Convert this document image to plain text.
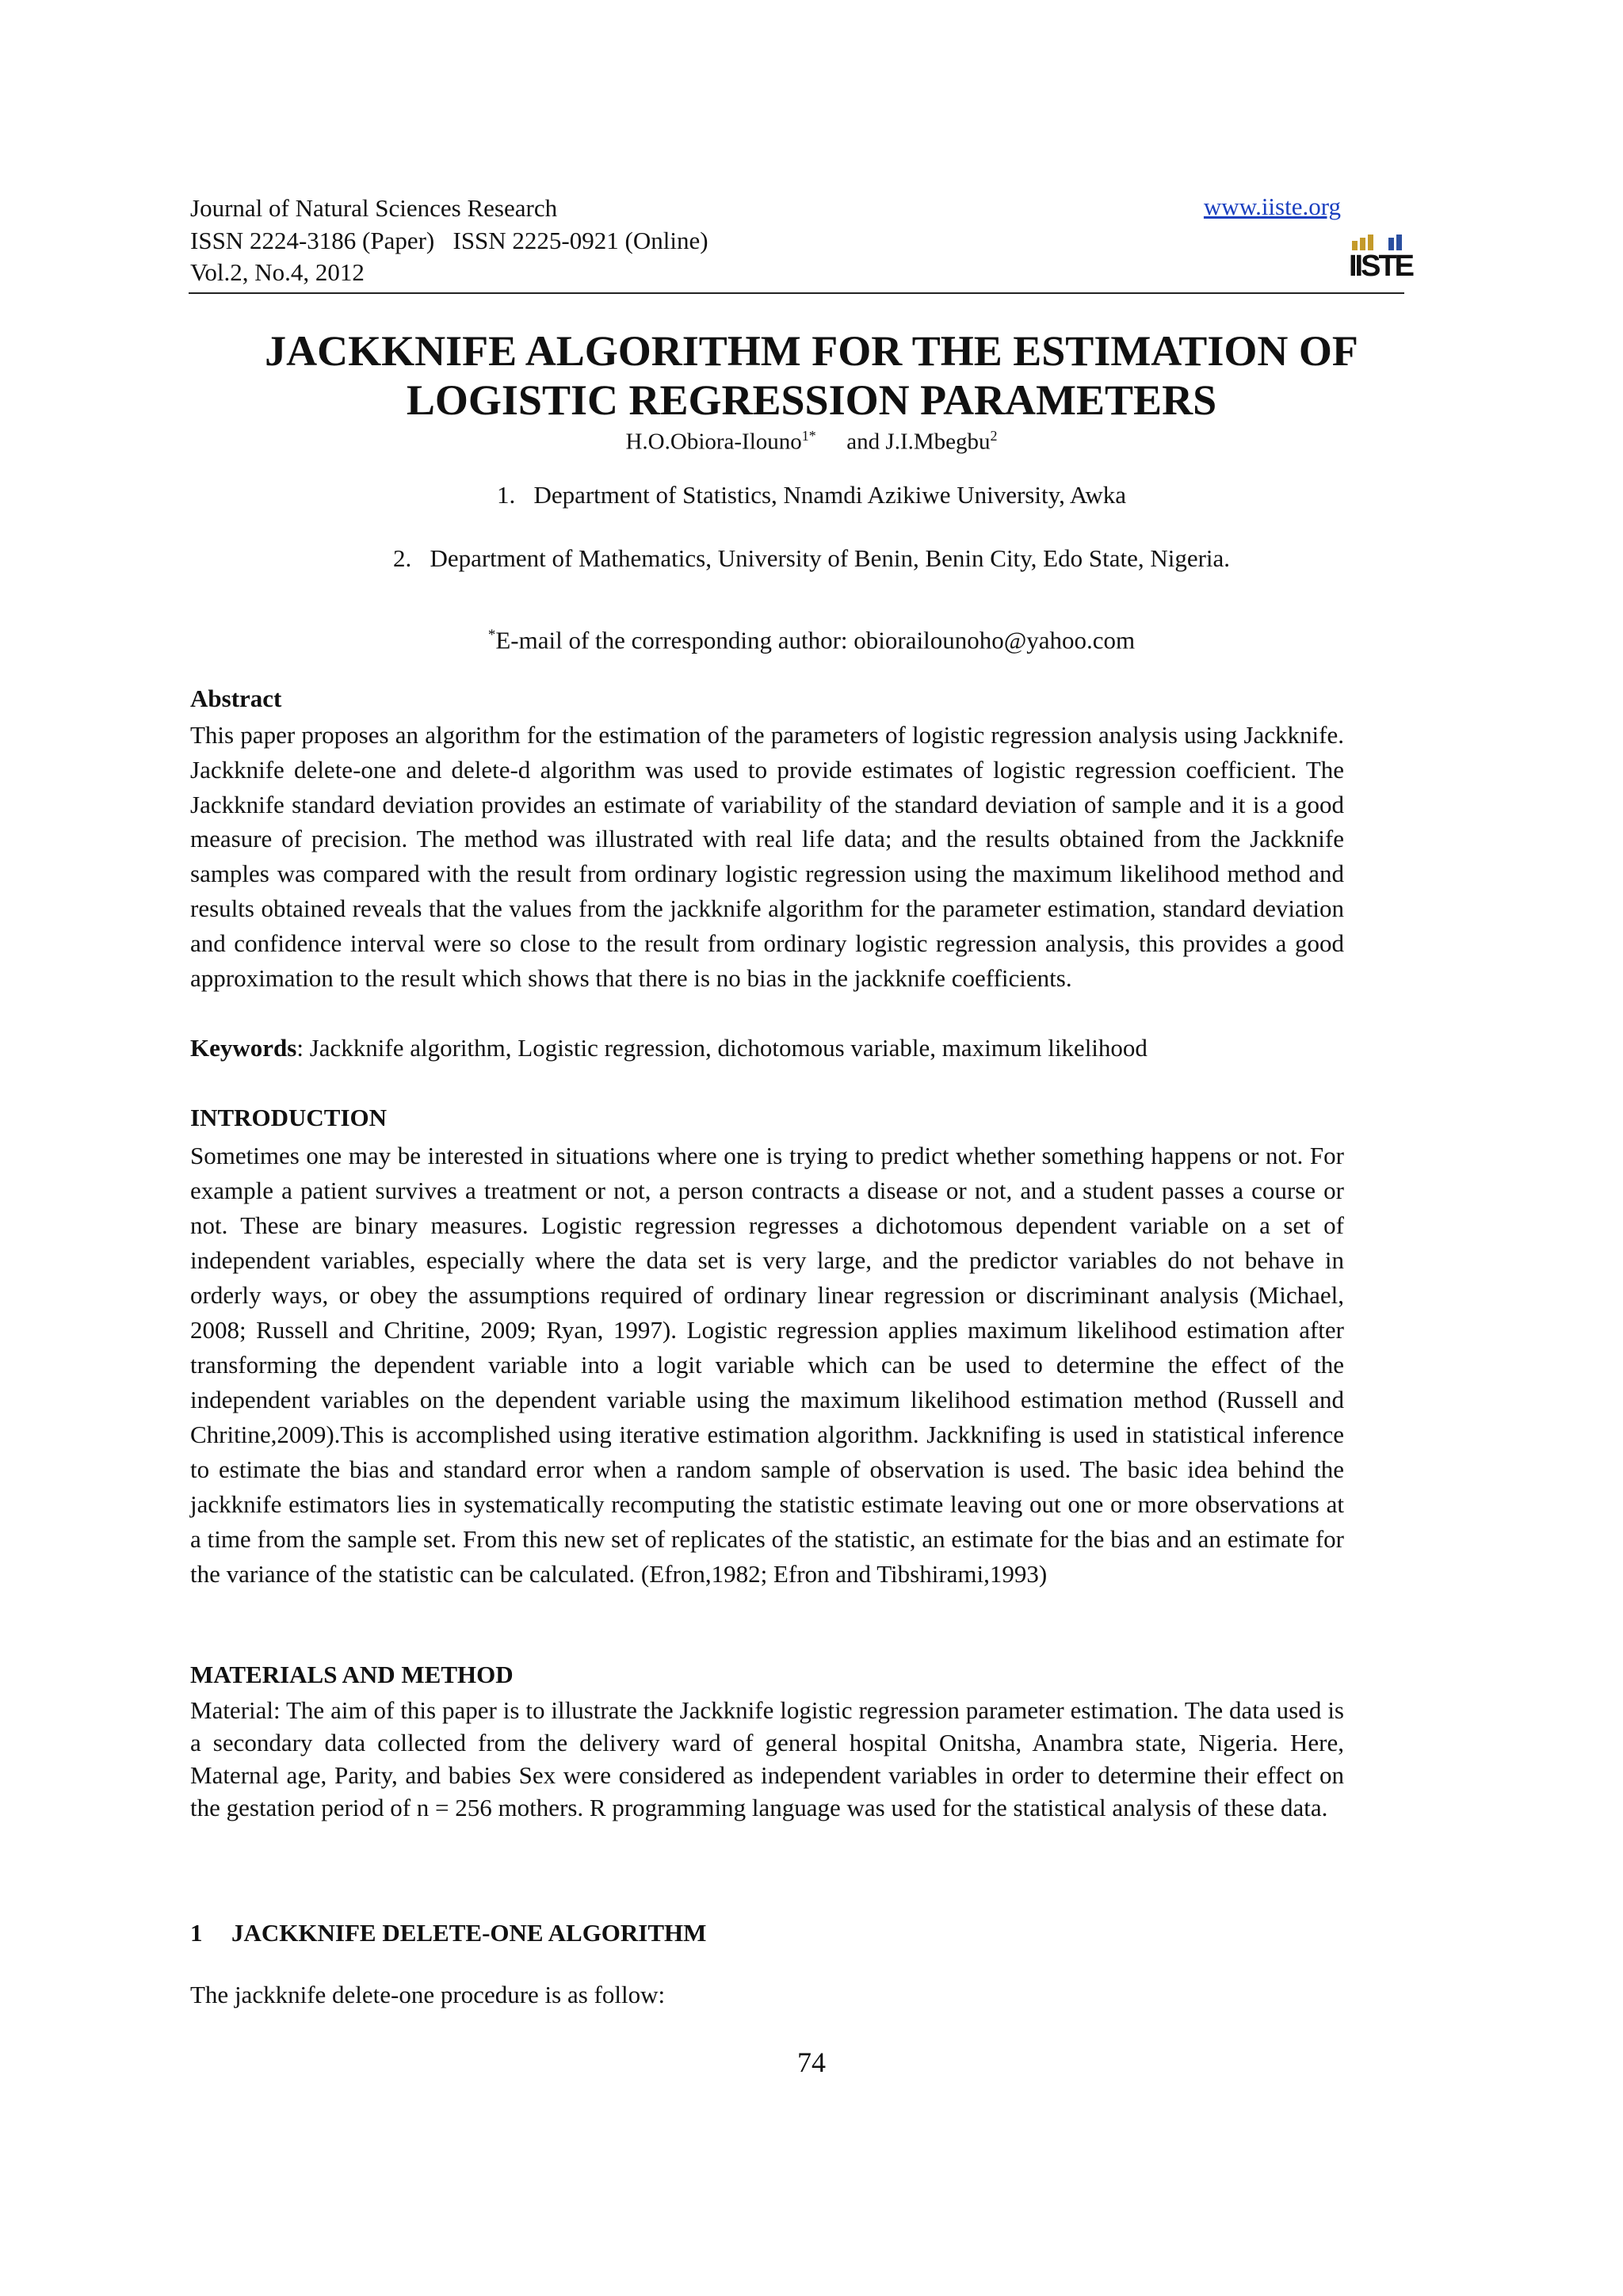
Journal of Natural Sciences Research
ISSN 2224-3186 (Paper)   ISSN 2225-0921 (Online)
Vol.2, No.4, 2012
www.iiste.org
IISTE
JACKKNIFE ALGORITHM FOR THE ESTIMATION OF
LOGISTIC REGRESSION PARAMETERS
H.O.Obiora-Ilouno$^{1*}$ and J.I.Mbegbu$^2$
1.   Department of Statistics, Nnamdi Azikiwe University, Awka
2.   Department of Mathematics, University of Benin, Benin City, Edo State, Nigeria.
*E-mail of the corresponding author: obiorailounoho@yahoo.com
Abstract
This paper proposes an algorithm for the estimation of the parameters of logistic regression analysis using Jackknife. Jackknife delete-one and delete-d algorithm was used to provide estimates of logistic regression coefficient. The Jackknife standard deviation provides an estimate of variability of the standard deviation of sample and it is a good measure of precision. The method was illustrated with real life data; and the results obtained from the Jackknife samples was compared with the result from ordinary logistic regression using the maximum likelihood method and results obtained reveals that the values from the jackknife algorithm for the parameter estimation, standard deviation and confidence interval were so close to the result from ordinary logistic regression analysis, this provides a good approximation to the result which shows that there is no bias in the jackknife coefficients.
Keywords: Jackknife algorithm, Logistic regression, dichotomous variable, maximum likelihood
INTRODUCTION
Sometimes one may be interested in situations where one is trying to predict whether something happens or not. For example a patient survives a treatment or not, a person contracts a disease or not, and a student passes a course or not. These are binary measures. Logistic regression regresses a dichotomous dependent variable on a set of independent variables, especially where the data set is very large, and the predictor variables do not behave in orderly ways, or obey the assumptions required of ordinary linear regression or discriminant analysis (Michael, 2008; Russell and Chritine, 2009; Ryan, 1997). Logistic regression applies maximum likelihood estimation after transforming the dependent variable into a logit variable which can be used to determine the effect of the independent variables on the dependent variable using the maximum likelihood estimation method (Russell and Chritine,2009).This is accomplished using iterative estimation algorithm. Jackknifing is used in statistical inference to estimate the bias and standard error when a random sample of observation is used. The basic idea behind the jackknife estimators lies in systematically recomputing the statistic estimate leaving out one or more observations at a time from the sample set. From this new set of replicates of the statistic, an estimate for the bias and an estimate for the variance of the statistic can be calculated. (Efron,1982; Efron and Tibshirami,1993)
MATERIALS AND METHOD
Material: The aim of this paper is to illustrate the Jackknife logistic regression parameter estimation. The data used is a secondary data collected from the delivery ward of general hospital Onitsha, Anambra state, Nigeria. Here, Maternal age, Parity, and babies Sex were considered as independent variables in order to determine their effect on the gestation period of n = 256 mothers. R programming language was used for the statistical analysis of these data.
1 JACKKNIFE DELETE-ONE ALGORITHM
The jackknife delete-one procedure is as follow:
74
